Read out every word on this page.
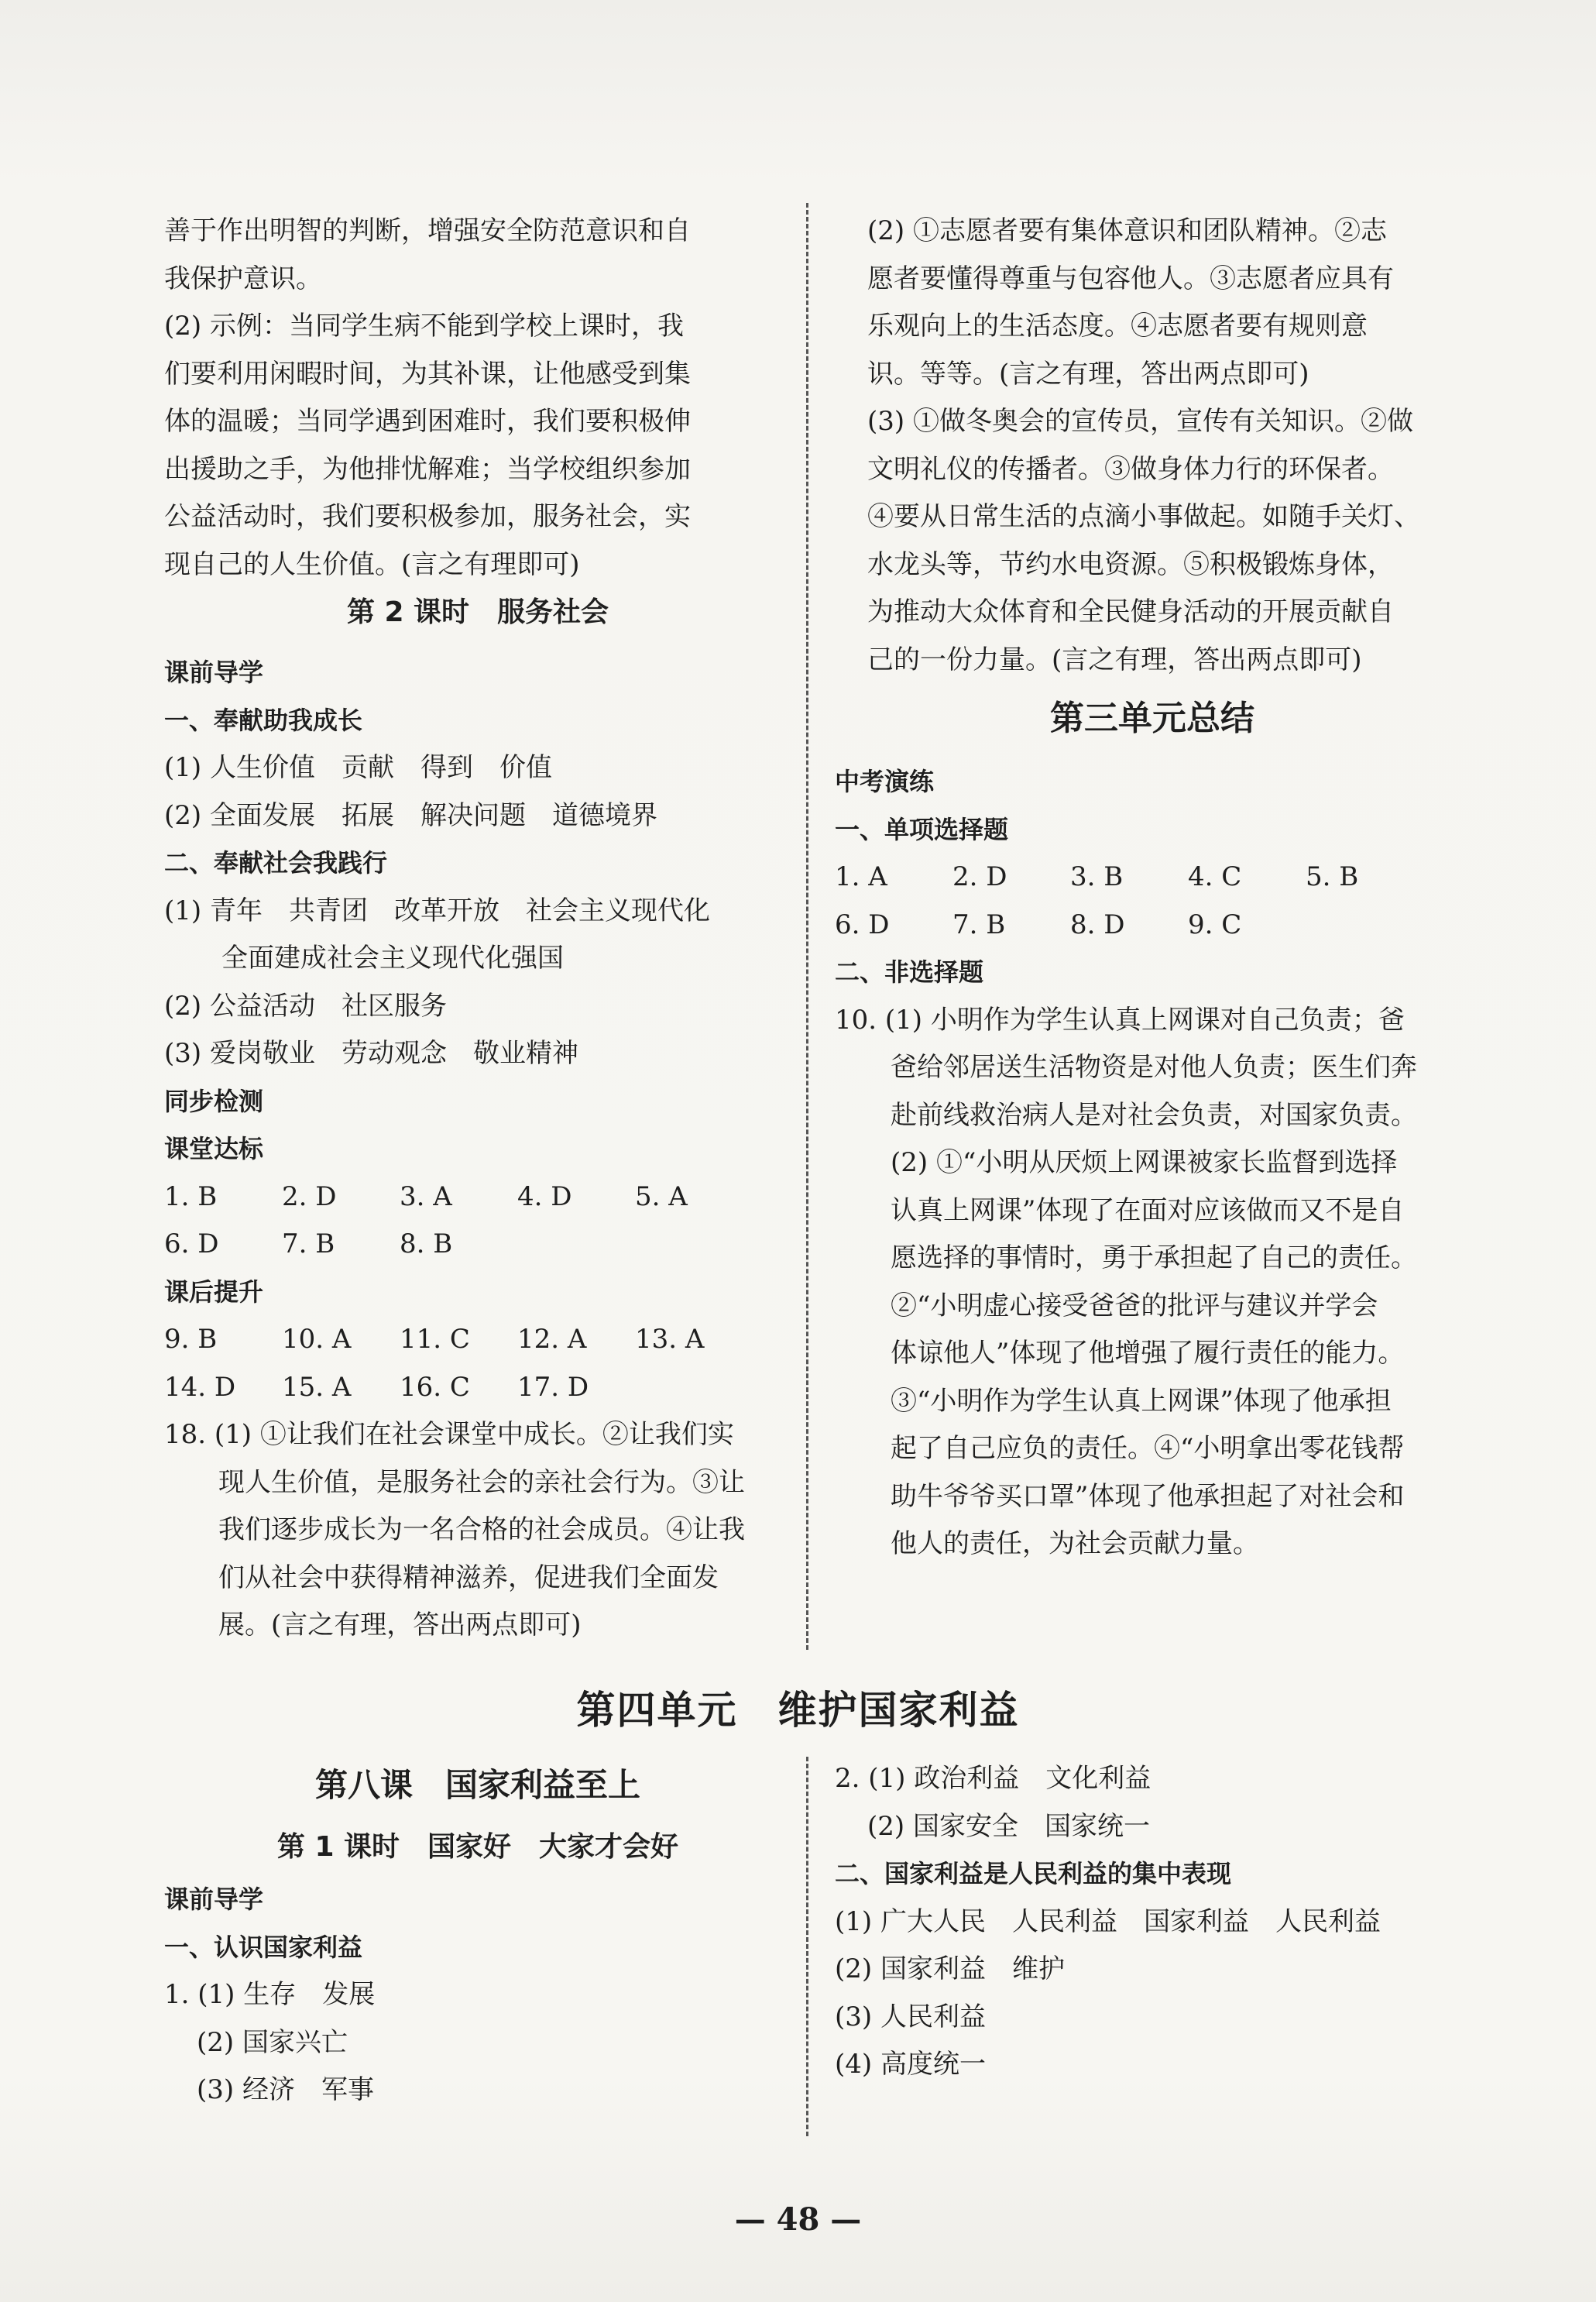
善于作出明智的判断，增强安全防范意识和自
我保护意识。
(2) 示例：当同学生病不能到学校上课时，我
们要利用闲暇时间，为其补课，让他感受到集
体的温暖；当同学遇到困难时，我们要积极伸
出援助之手，为他排忧解难；当学校组织参加
公益活动时，我们要积极参加，服务社会，实
现自己的人生价值。(言之有理即可)
第 2 课时　服务社会
课前导学
一、奉献助我成长
(1) 人生价值　贡献　得到　价值
(2) 全面发展　拓展　解决问题　道德境界
二、奉献社会我践行
(1) 青年　共青团　改革开放　社会主义现代化
全面建成社会主义现代化强国
(2) 公益活动　社区服务
(3) 爱岗敬业　劳动观念　敬业精神
同步检测
课堂达标
1. B 2. D 3. A 4. D 5. A
6. D 7. B 8. B
课后提升
9. B 10. A 11. C 12. A 13. A
14. D 15. A 16. C 17. D
18. (1) ①让我们在社会课堂中成长。②让我们实
现人生价值，是服务社会的亲社会行为。③让
我们逐步成长为一名合格的社会成员。④让我
们从社会中获得精神滋养，促进我们全面发
展。(言之有理，答出两点即可)
(2) ①志愿者要有集体意识和团队精神。②志
愿者要懂得尊重与包容他人。③志愿者应具有
乐观向上的生活态度。④志愿者要有规则意
识。等等。(言之有理，答出两点即可)
(3) ①做冬奥会的宣传员，宣传有关知识。②做
文明礼仪的传播者。③做身体力行的环保者。
④要从日常生活的点滴小事做起。如随手关灯、
水龙头等，节约水电资源。⑤积极锻炼身体，
为推动大众体育和全民健身活动的开展贡献自
己的一份力量。(言之有理，答出两点即可)
第三单元总结
中考演练
一、单项选择题
1. A 2. D 3. B 4. C 5. B
6. D 7. B 8. D 9. C
二、非选择题
10. (1) 小明作为学生认真上网课对自己负责；爸
爸给邻居送生活物资是对他人负责；医生们奔
赴前线救治病人是对社会负责，对国家负责。
(2) ①“小明从厌烦上网课被家长监督到选择
认真上网课”体现了在面对应该做而又不是自
愿选择的事情时，勇于承担起了自己的责任。
②“小明虚心接受爸爸的批评与建议并学会
体谅他人”体现了他增强了履行责任的能力。
③“小明作为学生认真上网课”体现了他承担
起了自己应负的责任。④“小明拿出零花钱帮
助牛爷爷买口罩”体现了他承担起了对社会和
他人的责任，为社会贡献力量。
第四单元　维护国家利益
第八课　国家利益至上
第 1 课时　国家好　大家才会好
课前导学
一、认识国家利益
1. (1) 生存　发展
(2) 国家兴亡
(3) 经济　军事
2. (1) 政治利益　文化利益
(2) 国家安全　国家统一
二、国家利益是人民利益的集中表现
(1) 广大人民　人民利益　国家利益　人民利益
(2) 国家利益　维护
(3) 人民利益
(4) 高度统一
— 48 —
